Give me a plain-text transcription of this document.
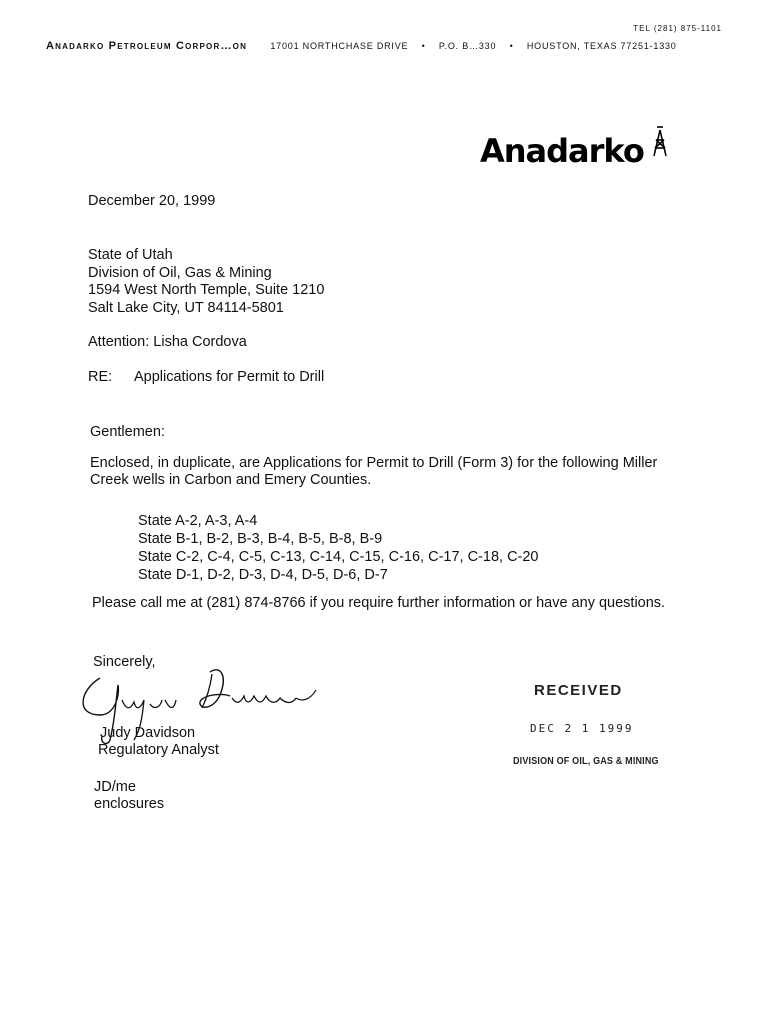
TEL (281) 875-1101
Anadarko Petroleum Corpor…on	17001 NORTHCHASE DRIVE • P.O. B…330 • HOUSTON, TEXAS 77251-1330
Anadarko
December 20, 1999
State of Utah
Division of Oil, Gas & Mining
1594 West North Temple, Suite 1210
Salt Lake City, UT 84114-5801
Attention: Lisha Cordova
RE: Applications for Permit to Drill
Gentlemen:
Enclosed, in duplicate, are Applications for Permit to Drill (Form 3) for the following Miller Creek wells in Carbon and Emery Counties.
State A-2, A-3, A-4
State B-1, B-2, B-3, B-4, B-5, B-8, B-9
State C-2, C-4, C-5, C-13, C-14, C-15, C-16, C-17, C-18, C-20
State D-1, D-2, D-3, D-4, D-5, D-6, D-7
Please call me at (281) 874-8766 if you require further information or have any questions.
Sincerely,
Judy Davidson
Regulatory Analyst
JD/me
enclosures
RECEIVED
DEC 2 1 1999
DIVISION OF OIL, GAS & MINING
